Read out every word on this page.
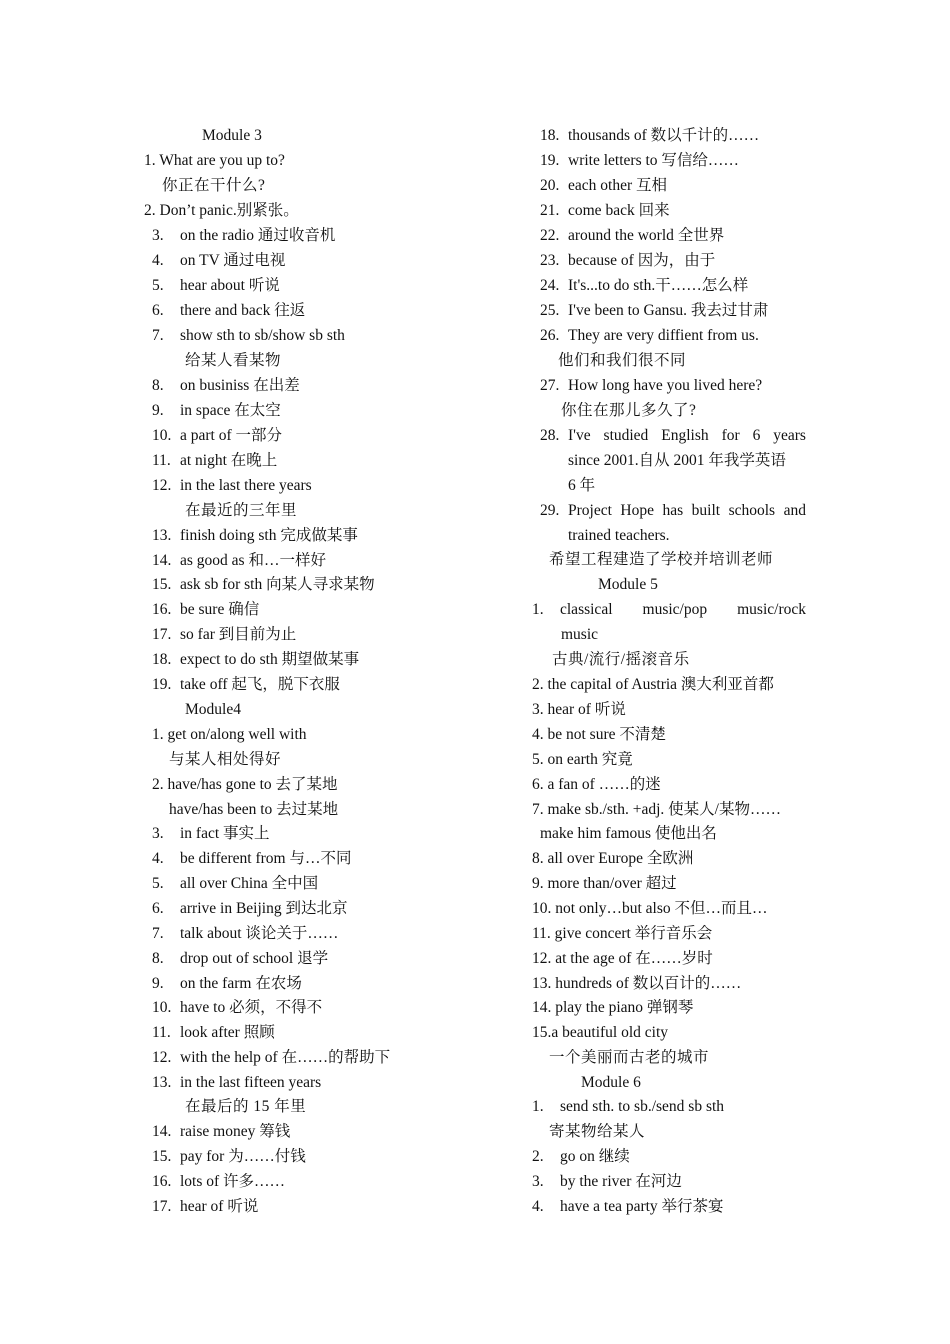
Module 3
1. What are you up to?
你正在干什么?
2. Don’t panic.别紧张。
3. on the radio 通过收音机
4. on TV 通过电视
5. hear about 听说
6. there and back 往返
7. show sth to sb/show sb sth
给某人看某物
8. on businiss 在出差
9. in space 在太空
10. a part of 一部分
11. at night 在晚上
12. in the last there years
在最近的三年里
13. finish doing sth 完成做某事
14. as good as 和…一样好
15. ask sb for sth 向某人寻求某物
16. be sure 确信
17. so far 到目前为止
18. expect to do sth 期望做某事
19. take off 起飞，脱下衣服
Module4
1. get on/along well with
与某人相处得好
2. have/has gone to 去了某地
have/has been to 去过某地
3. in fact 事实上
4. be different from 与…不同
5. all over China 全中国
6. arrive in Beijing 到达北京
7. talk about 谈论关于……
8. drop out of school 退学
9. on the farm 在农场
10. have to 必须，不得不
11. look after 照顾
12. with the help of 在……的帮助下
13. in the last fifteen years
在最后的 15 年里
14. raise money 筹钱
15. pay for 为……付钱
16. lots of 许多……
17. hear of 听说
18. thousands of 数以千计的……
19. write letters to 写信给……
20. each other 互相
21. come back 回来
22. around the world 全世界
23. because of 因为，由于
24. It's...to do sth.干……怎么样
25. I've been to Gansu. 我去过甘肃
26. They are very diffient from us.
他们和我们很不同
27. How long have you lived here?
你住在那儿多久了?
28. I've studied English for 6 years
since 2001.自从 2001 年我学英语
6 年
29. Project Hope has built schools and
trained teachers.
希望工程建造了学校并培训老师
Module 5
1. classical music/pop music/rock
music
古典/流行/摇滚音乐
2. the capital of Austria 澳大利亚首都
3. hear of 听说
4. be not sure 不清楚
5. on earth 究竟
6. a fan of ……的迷
7. make sb./sth. +adj. 使某人/某物……
make him famous 使他出名
8. all over Europe 全欧洲
9. more than/over 超过
10. not only…but also 不但…而且…
11. give concert 举行音乐会
12. at the age of 在……岁时
13. hundreds of 数以百计的……
14. play the piano 弹钢琴
15.a beautiful old city
一个美丽而古老的城市
Module 6
1. send sth. to sb./send sb sth
寄某物给某人
2. go on 继续
3. by the river 在河边
4. have a tea party 举行茶宴
